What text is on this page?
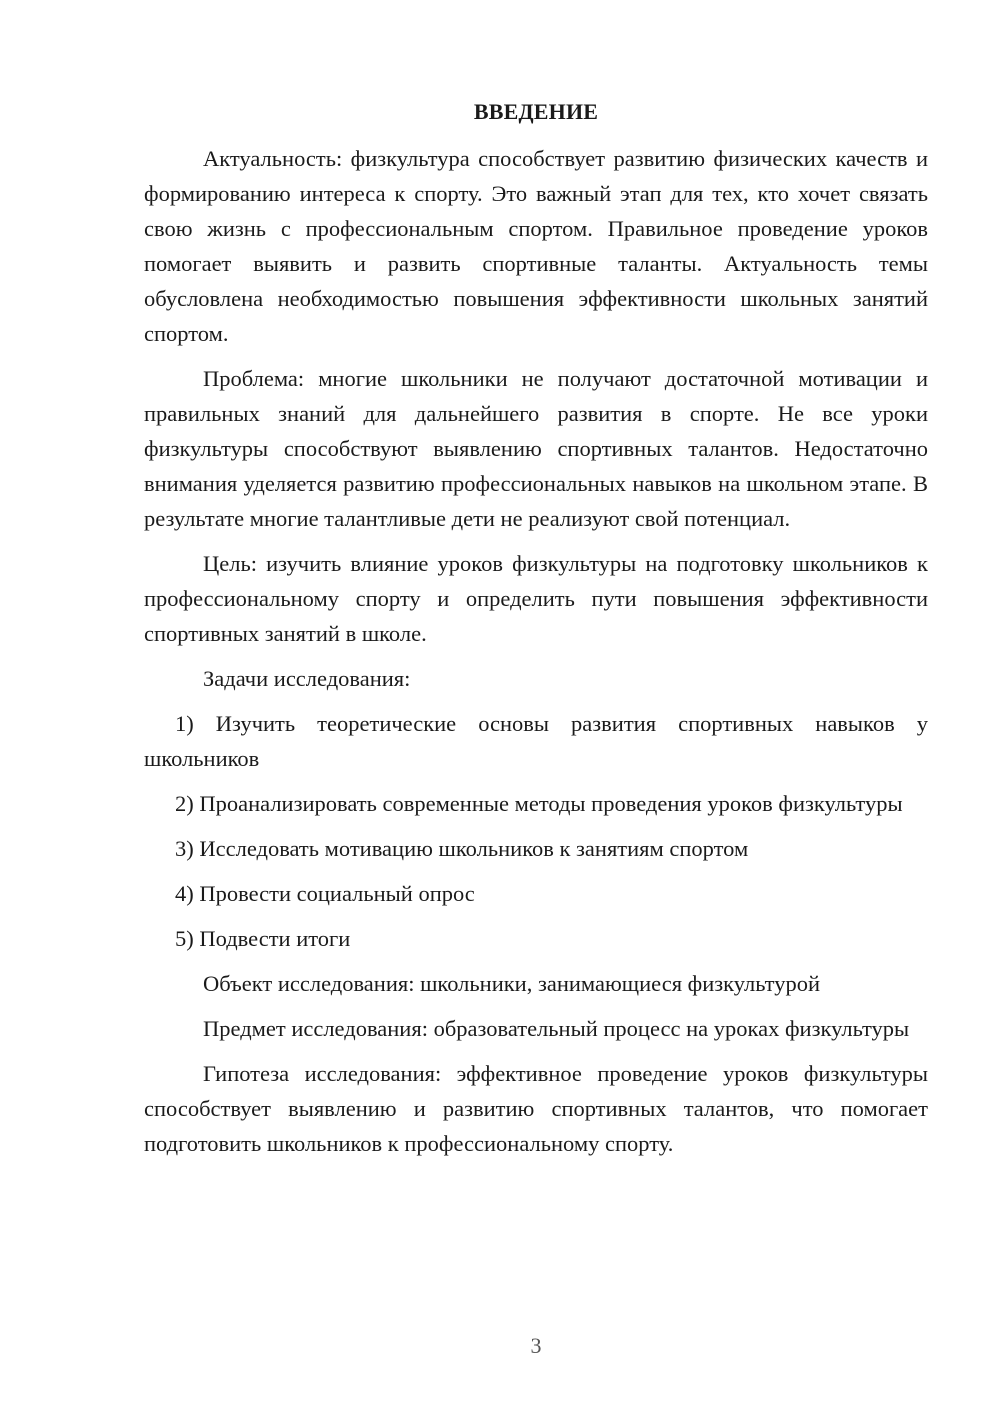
ВВЕДЕНИЕ

Актуальность: физкультура способствует развитию физических качеств и формированию интереса к спорту. Это важный этап для тех, кто хочет связать свою жизнь с профессиональным спортом. Правильное проведение уроков помогает выявить и развить спортивные таланты. Актуальность темы обусловлена необходимостью повышения эффективности школьных занятий спортом.

Проблема: многие школьники не получают достаточной мотивации и правильных знаний для дальнейшего развития в спорте. Не все уроки физкультуры способствуют выявлению спортивных талантов. Недостаточно внимания уделяется развитию профессиональных навыков на школьном этапе. В результате многие талантливые дети не реализуют свой потенциал.

Цель: изучить влияние уроков физкультуры на подготовку школьников к профессиональному спорту и определить пути повышения эффективности спортивных занятий в школе.

Задачи исследования:

1) Изучить теоретические основы развития спортивных навыков у школьников

2) Проанализировать современные методы проведения уроков физкультуры

3) Исследовать мотивацию школьников к занятиям спортом

4) Провести социальный опрос

5) Подвести итоги

Объект исследования: школьники, занимающиеся физкультурой

Предмет исследования: образовательный процесс на уроках физкультуры

Гипотеза исследования: эффективное проведение уроков физкультуры способствует выявлению и развитию спортивных талантов, что помогает подготовить школьников к профессиональному спорту.

3
